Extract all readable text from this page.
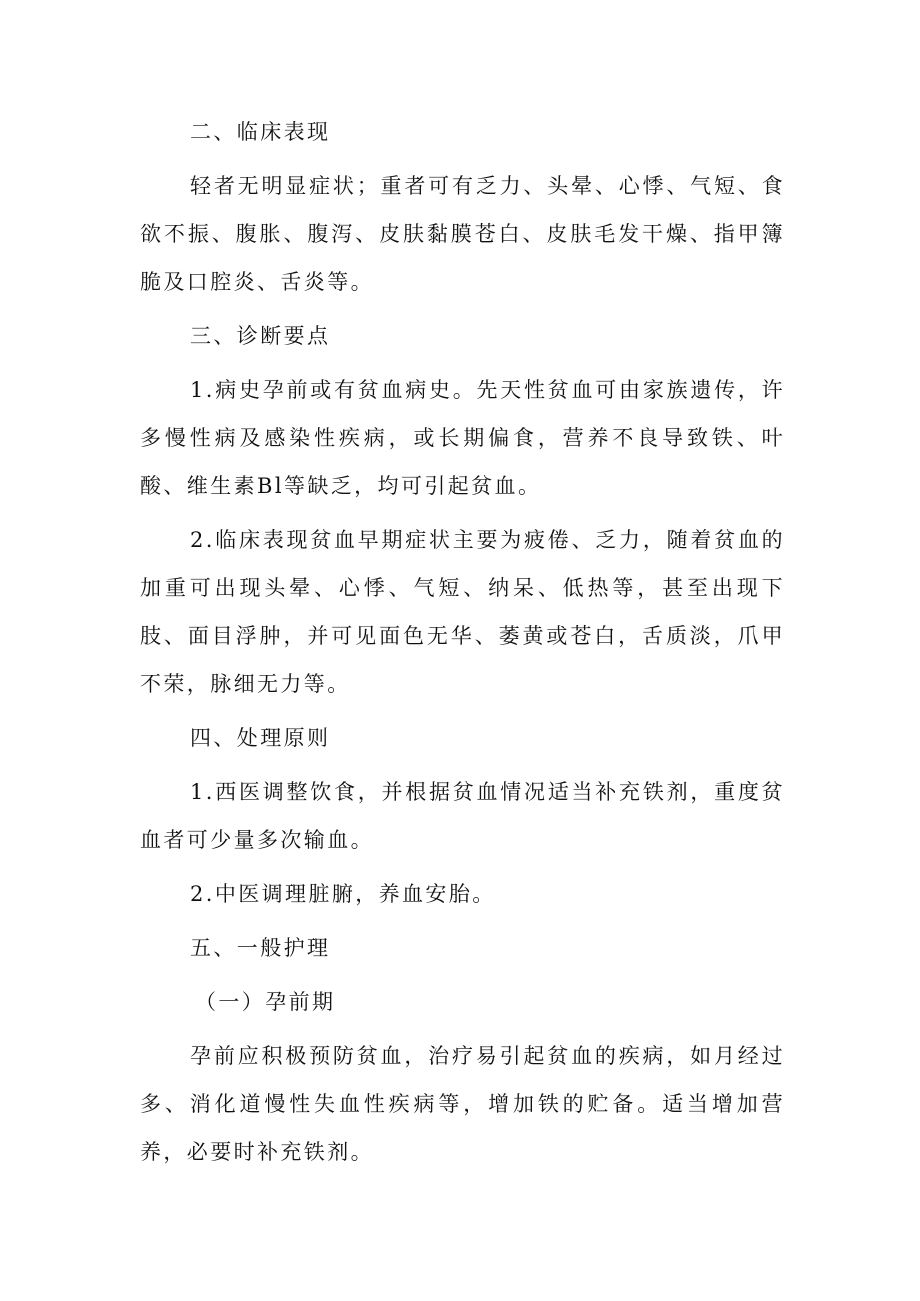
二、临床表现

轻者无明显症状；重者可有乏力、头晕、心悸、气短、食欲不振、腹胀、腹泻、皮肤黏膜苍白、皮肤毛发干燥、指甲簿脆及口腔炎、舌炎等。

三、诊断要点

1.病史孕前或有贫血病史。先天性贫血可由家族遗传，许多慢性病及感染性疾病，或长期偏食，营养不良导致铁、叶酸、维生素Bl等缺乏，均可引起贫血。

2.临床表现贫血早期症状主要为疲倦、乏力，随着贫血的加重可出现头晕、心悸、气短、纳呆、低热等，甚至出现下肢、面目浮肿，并可见面色无华、萎黄或苍白，舌质淡，爪甲不荣，脉细无力等。

四、处理原则

1.西医调整饮食，并根据贫血情况适当补充铁剂，重度贫血者可少量多次输血。

2.中医调理脏腑，养血安胎。

五、一般护理

（一）孕前期

孕前应积极预防贫血，治疗易引起贫血的疾病，如月经过多、消化道慢性失血性疾病等，增加铁的贮备。适当增加营养，必要时补充铁剂。
